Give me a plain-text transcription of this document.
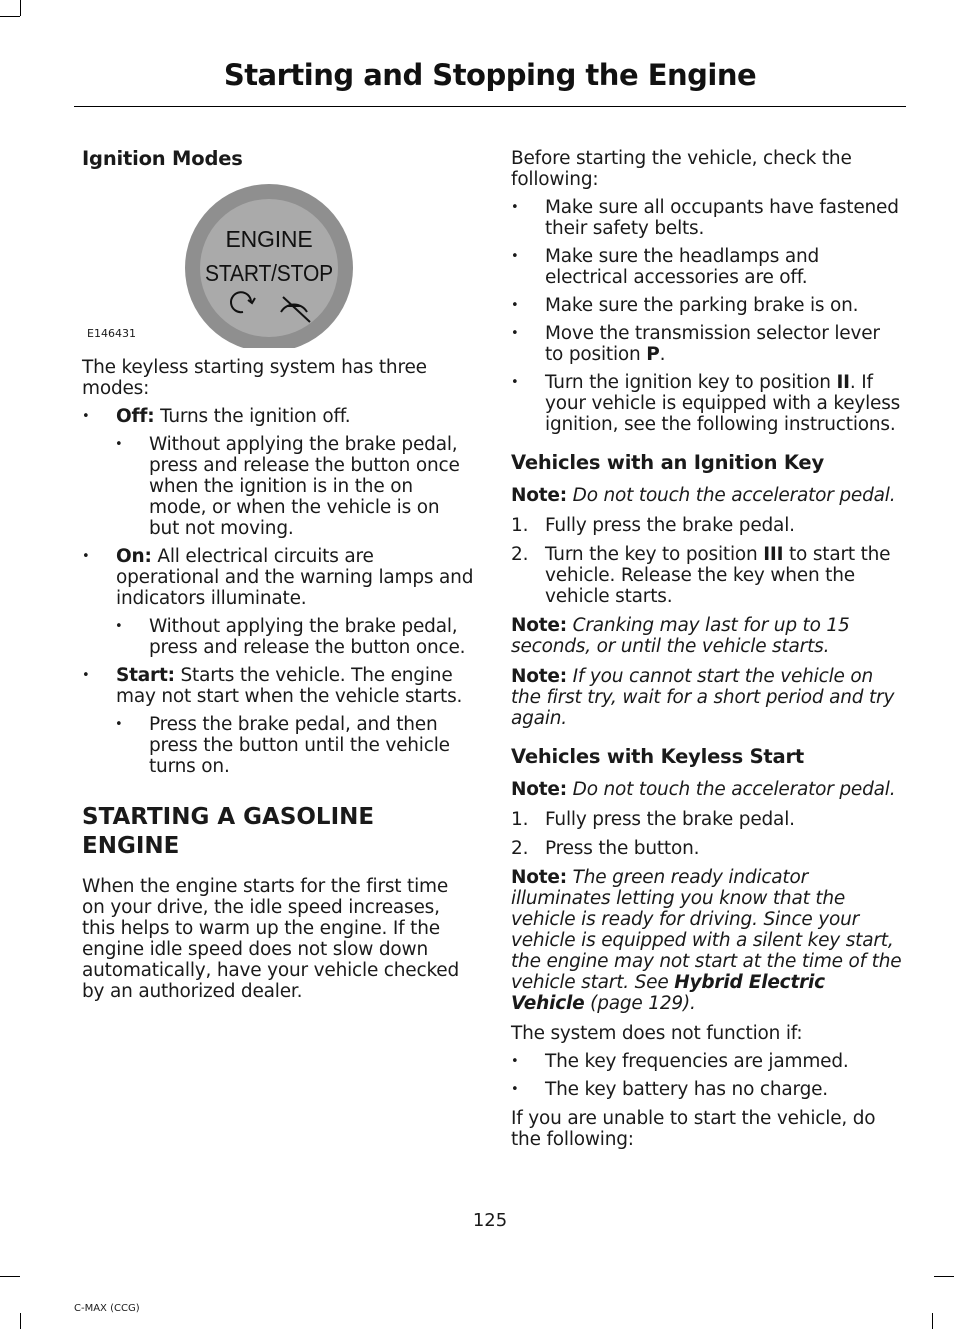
Starting and Stopping the Engine
Ignition Modes
ENGINE
START/STOP
E146431

The keyless starting system has three modes:

• Off: Turns the ignition off.
• Without applying the brake pedal, press and release the button once when the ignition is in the on mode, or when the vehicle is on but not moving.
• On: All electrical circuits are operational and the warning lamps and indicators illuminate.
• Without applying the brake pedal, press and release the button once.
• Start: Starts the vehicle. The engine may not start when the vehicle starts.
• Press the brake pedal, and then press the button until the vehicle turns on.
STARTING A GASOLINE
ENGINE

When the engine starts for the first time on your drive, the idle speed increases, this helps to warm up the engine. If the engine idle speed does not slow down automatically, have your vehicle checked by an authorized dealer.

Before starting the vehicle, check the following:

• Make sure all occupants have fastened their safety belts.
• Make sure the headlamps and electrical accessories are off.
• Make sure the parking brake is on.
• Move the transmission selector lever to position P.
• Turn the ignition key to position II. If your vehicle is equipped with a keyless ignition, see the following instructions.
Vehicles with an Ignition Key

Note: Do not touch the accelerator pedal.

1. Fully press the brake pedal.
2. Turn the key to position III to start the vehicle. Release the key when the vehicle starts.

Note: Cranking may last for up to 15 seconds, or until the vehicle starts.

Note: If you cannot start the vehicle on the first try, wait for a short period and try again.

Vehicles with Keyless Start

Note: Do not touch the accelerator pedal.

1. Fully press the brake pedal.
2. Press the button.

Note: The green ready indicator illuminates letting you know that the vehicle is ready for driving. Since your vehicle is equipped with a silent key start, the engine may not start at the time of the vehicle start. See Hybrid Electric Vehicle (page 129).

The system does not function if:

• The key frequencies are jammed.
• The key battery has no charge.

If you are unable to start the vehicle, do the following:

125
C-MAX (CCG)
